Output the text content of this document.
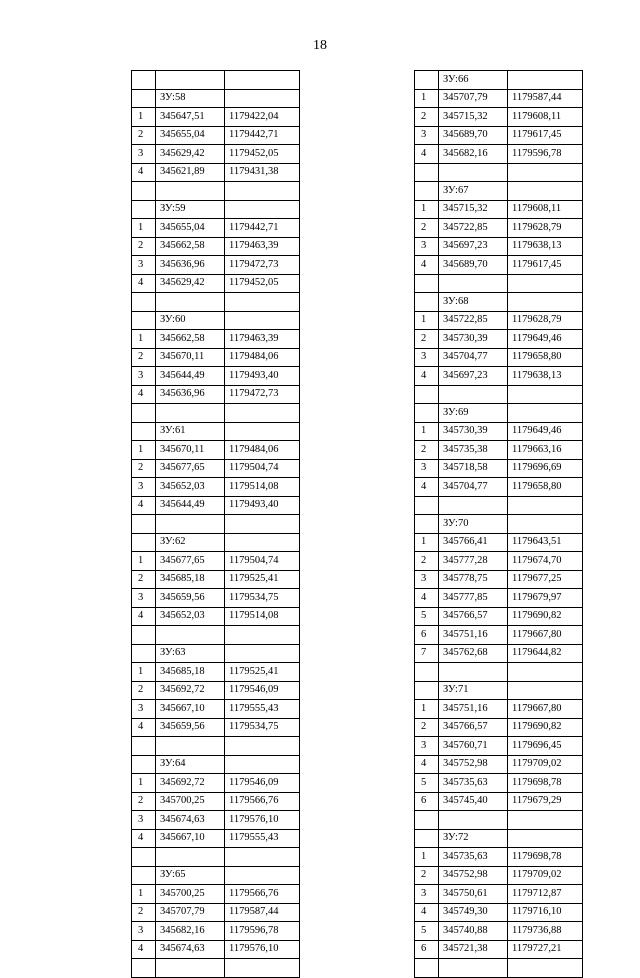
18

	ЗУ:58	
1	345647,51	1179422,04
2	345655,04	1179442,71
3	345629,42	1179452,05
4	345621,89	1179431,38

	ЗУ:59	
1	345655,04	1179442,71
2	345662,58	1179463,39
3	345636,96	1179472,73
4	345629,42	1179452,05

	ЗУ:60	
1	345662,58	1179463,39
2	345670,11	1179484,06
3	345644,49	1179493,40
4	345636,96	1179472,73

	ЗУ:61	
1	345670,11	1179484,06
2	345677,65	1179504,74
3	345652,03	1179514,08
4	345644,49	1179493,40

	ЗУ:62	
1	345677,65	1179504,74
2	345685,18	1179525,41
3	345659,56	1179534,75
4	345652,03	1179514,08

	ЗУ:63	
1	345685,18	1179525,41
2	345692,72	1179546,09
3	345667,10	1179555,43
4	345659,56	1179534,75

	ЗУ:64	
1	345692,72	1179546,09
2	345700,25	1179566,76
3	345674,63	1179576,10
4	345667,10	1179555,43

	ЗУ:65	
1	345700,25	1179566,76
2	345707,79	1179587,44
3	345682,16	1179596,78
4	345674,63	1179576,10

	ЗУ:66	
1	345707,79	1179587,44
2	345715,32	1179608,11
3	345689,70	1179617,45
4	345682,16	1179596,78

	ЗУ:67	
1	345715,32	1179608,11
2	345722,85	1179628,79
3	345697,23	1179638,13
4	345689,70	1179617,45

	ЗУ:68	
1	345722,85	1179628,79
2	345730,39	1179649,46
3	345704,77	1179658,80
4	345697,23	1179638,13

	ЗУ:69	
1	345730,39	1179649,46
2	345735,38	1179663,16
3	345718,58	1179696,69
4	345704,77	1179658,80

	ЗУ:70	
1	345766,41	1179643,51
2	345777,28	1179674,70
3	345778,75	1179677,25
4	345777,85	1179679,97
5	345766,57	1179690,82
6	345751,16	1179667,80
7	345762,68	1179644,82

	ЗУ:71	
1	345751,16	1179667,80
2	345766,57	1179690,82
3	345760,71	1179696,45
4	345752,98	1179709,02
5	345735,63	1179698,78
6	345745,40	1179679,29

	ЗУ:72	
1	345735,63	1179698,78
2	345752,98	1179709,02
3	345750,61	1179712,87
4	345749,30	1179716,10
5	345740,88	1179736,88
6	345721,38	1179727,21
